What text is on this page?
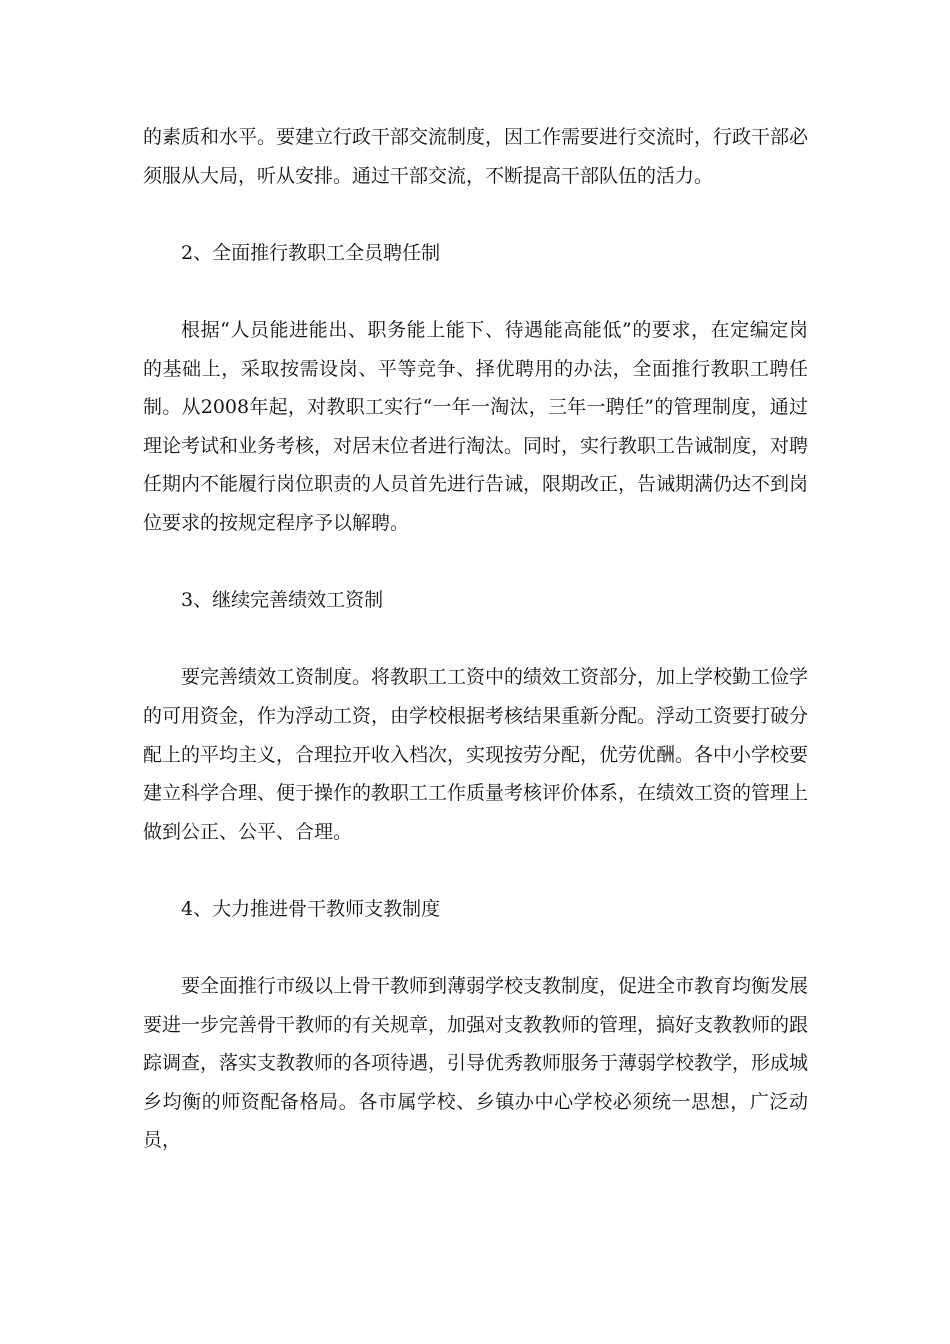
的素质和水平。要建立行政干部交流制度，因工作需要进行交流时，行政干部必须服从大局，听从安排。通过干部交流，不断提高干部队伍的活力。

2、全面推行教职工全员聘任制

根据“人员能进能出、职务能上能下、待遇能高能低”的要求，在定编定岗的基础上，采取按需设岗、平等竞争、择优聘用的办法，全面推行教职工聘任制。从2008年起，对教职工实行“一年一淘汰，三年一聘任”的管理制度，通过理论考试和业务考核，对居末位者进行淘汰。同时，实行教职工告诫制度，对聘任期内不能履行岗位职责的人员首先进行告诫，限期改正，告诫期满仍达不到岗位要求的按规定程序予以解聘。

3、继续完善绩效工资制

要完善绩效工资制度。将教职工工资中的绩效工资部分，加上学校勤工俭学的可用资金，作为浮动工资，由学校根据考核结果重新分配。浮动工资要打破分配上的平均主义，合理拉开收入档次，实现按劳分配，优劳优酬。各中小学校要建立科学合理、便于操作的教职工工作质量考核评价体系，在绩效工资的管理上做到公正、公平、合理。

4、大力推进骨干教师支教制度

要全面推行市级以上骨干教师到薄弱学校支教制度，促进全市教育均衡发展要进一步完善骨干教师的有关规章，加强对支教教师的管理，搞好支教教师的跟踪调查，落实支教教师的各项待遇，引导优秀教师服务于薄弱学校教学，形成城乡均衡的师资配备格局。各市属学校、乡镇办中心学校必须统一思想，广泛动员，
